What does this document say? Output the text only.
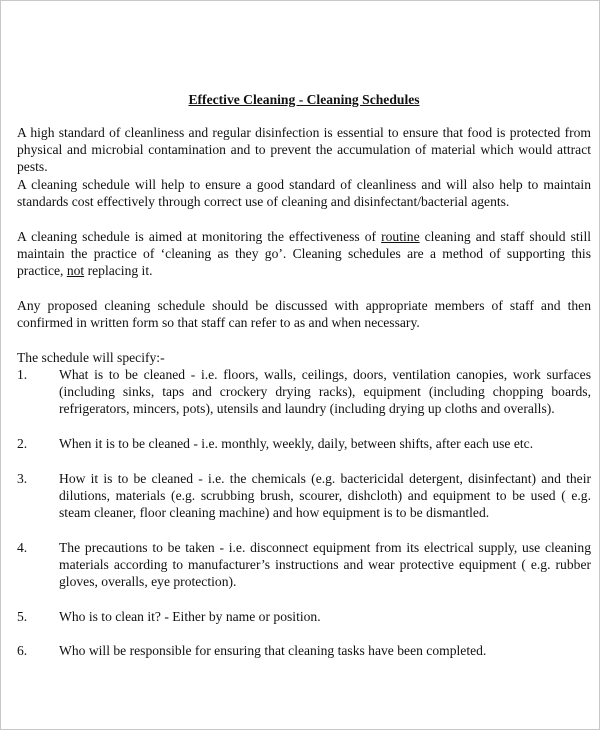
Effective Cleaning - Cleaning Schedules

A high standard of cleanliness and regular disinfection is essential to ensure that food is protected from physical and microbial contamination and to prevent the accumulation of material which would attract pests.

A cleaning schedule will help to ensure a good standard of cleanliness and will also help to maintain standards cost effectively through correct use of cleaning and disinfectant/bacterial agents.

A cleaning schedule is aimed at monitoring the effectiveness of routine cleaning and staff should still maintain the practice of ‘cleaning as they go’. Cleaning schedules are a method of supporting this practice, not replacing it.

Any proposed cleaning schedule should be discussed with appropriate members of staff and then confirmed in written form so that staff can refer to as and when necessary.

The schedule will specify:-

1. What is to be cleaned - i.e. floors, walls, ceilings, doors, ventilation canopies, work surfaces (including sinks, taps and crockery drying racks), equipment (including chopping boards, refrigerators, mincers, pots), utensils and laundry (including drying up cloths and overalls).
2. When it is to be cleaned - i.e. monthly, weekly, daily, between shifts, after each use etc.
3. How it is to be cleaned - i.e. the chemicals (e.g. bactericidal detergent, disinfectant) and their dilutions, materials (e.g. scrubbing brush, scourer, dishcloth) and equipment to be used ( e.g. steam cleaner, floor cleaning machine) and how equipment is to be dismantled.
4. The precautions to be taken - i.e. disconnect equipment from its electrical supply, use cleaning materials according to manufacturer’s instructions and wear protective equipment ( e.g. rubber gloves, overalls, eye protection).
5. Who is to clean it? - Either by name or position.
6. Who will be responsible for ensuring that cleaning tasks have been completed.
